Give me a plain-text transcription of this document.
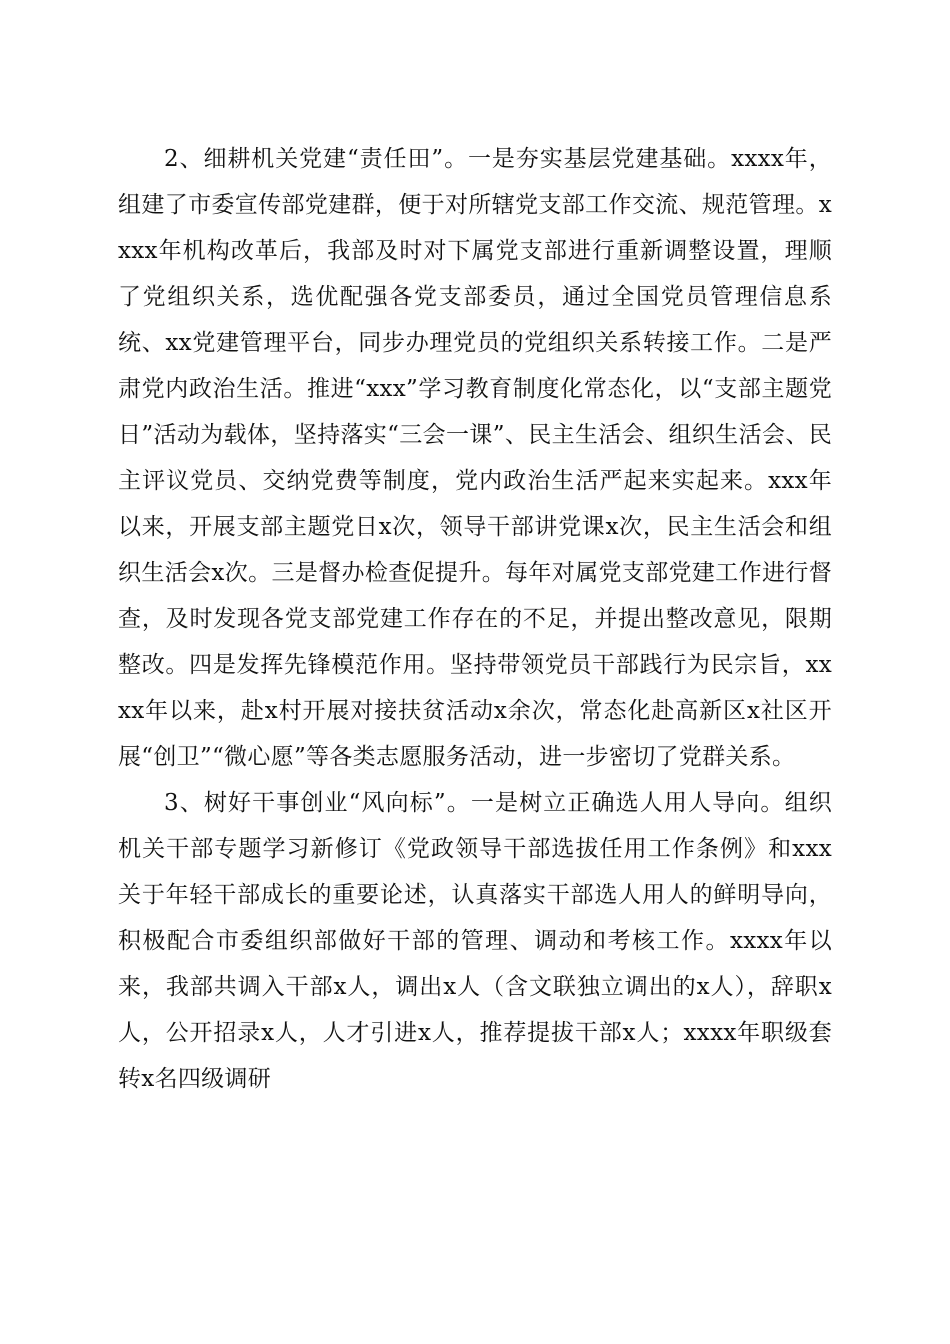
2、细耕机关党建“责任田”。一是夯实基层党建基础。xxxx年，组建了市委宣传部党建群，便于对所辖党支部工作交流、规范管理。xxxx年机构改革后，我部及时对下属党支部进行重新调整设置，理顺了党组织关系，选优配强各党支部委员，通过全国党员管理信息系统、xx党建管理平台，同步办理党员的党组织关系转接工作。二是严肃党内政治生活。推进“xxx”学习教育制度化常态化，以“支部主题党日”活动为载体，坚持落实“三会一课”、民主生活会、组织生活会、民主评议党员、交纳党费等制度，党内政治生活严起来实起来。xxx年以来，开展支部主题党日x次，领导干部讲党课x次，民主生活会和组织生活会x次。三是督办检查促提升。每年对属党支部党建工作进行督查，及时发现各党支部党建工作存在的不足，并提出整改意见，限期整改。四是发挥先锋模范作用。坚持带领党员干部践行为民宗旨，xxxx年以来，赴x村开展对接扶贫活动x余次，常态化赴高新区x社区开展“创卫”“微心愿”等各类志愿服务活动，进一步密切了党群关系。

3、树好干事创业“风向标”。一是树立正确选人用人导向。组织机关干部专题学习新修订《党政领导干部选拔任用工作条例》和xxx关于年轻干部成长的重要论述，认真落实干部选人用人的鲜明导向，积极配合市委组织部做好干部的管理、调动和考核工作。xxxx年以来，我部共调入干部x人，调出x人（含文联独立调出的x人），辞职x人，公开招录x人，人才引进x人，推荐提拔干部x人；xxxx年职级套转x名四级调研
